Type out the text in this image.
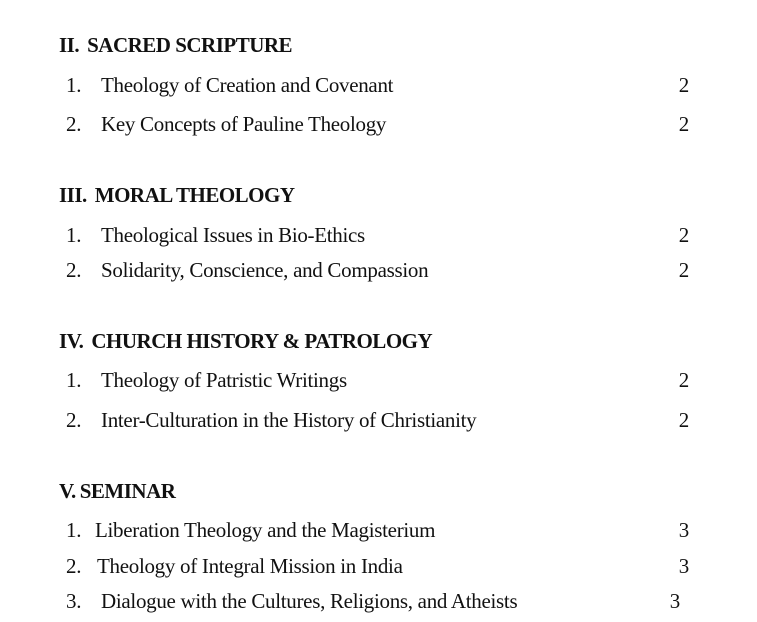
II. SACRED SCRIPTURE
1. Theology of Creation and Covenant	2
2. Key Concepts of Pauline Theology	2
III. MORAL THEOLOGY
1. Theological Issues in Bio-Ethics	2
2. Solidarity, Conscience, and Compassion	2
IV. CHURCH HISTORY & PATROLOGY
1. Theology of Patristic Writings	2
2. Inter-Culturation in the History of Christianity	2
V. SEMINAR
1. Liberation Theology and the Magisterium	3
2. Theology of Integral Mission in India	3
3. Dialogue with the Cultures, Religions, and Atheists	3
